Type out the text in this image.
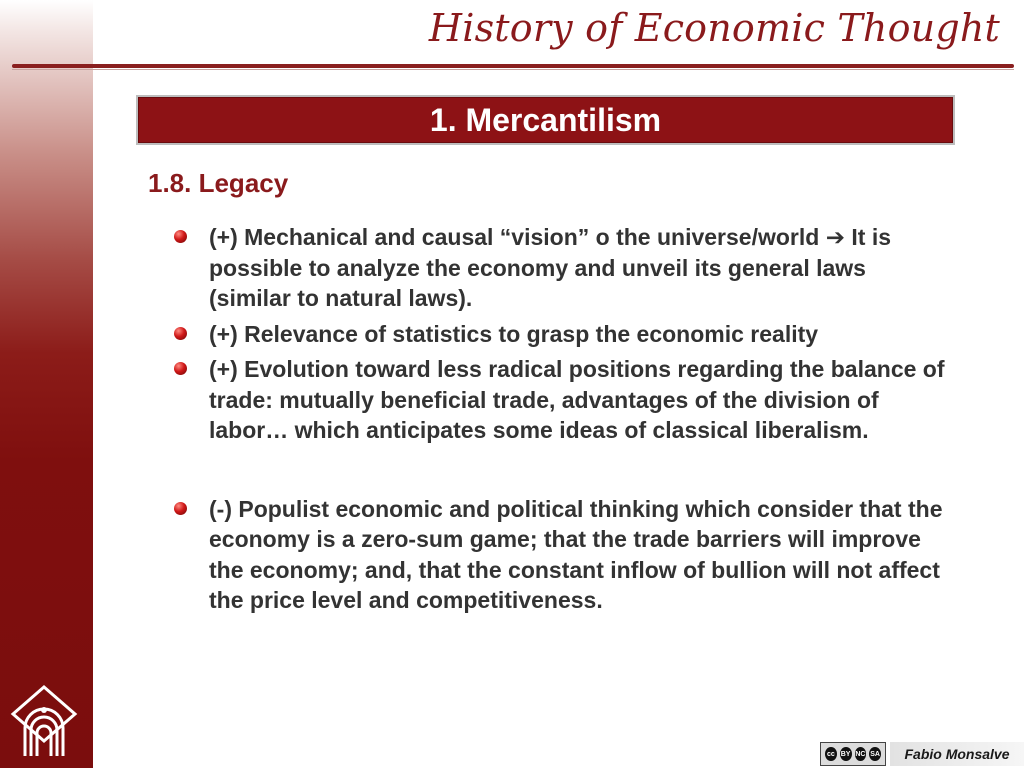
History of Economic Thought
1. Mercantilism
1.8. Legacy
(+) Mechanical and causal “vision” o the universe/world ➔ It is possible to analyze the economy and unveil its general laws (similar to natural laws).
(+) Relevance of statistics to grasp the economic reality
(+) Evolution toward less radical positions regarding the balance of trade: mutually beneficial trade, advantages of the division of labor… which anticipates some ideas of classical liberalism.
(-) Populist economic and political thinking which consider that the economy is a zero-sum game; that the trade barriers will improve the economy; and, that the constant inflow of bullion will not affect the price level and competitiveness.
cc BY NC SA	Fabio Monsalve
